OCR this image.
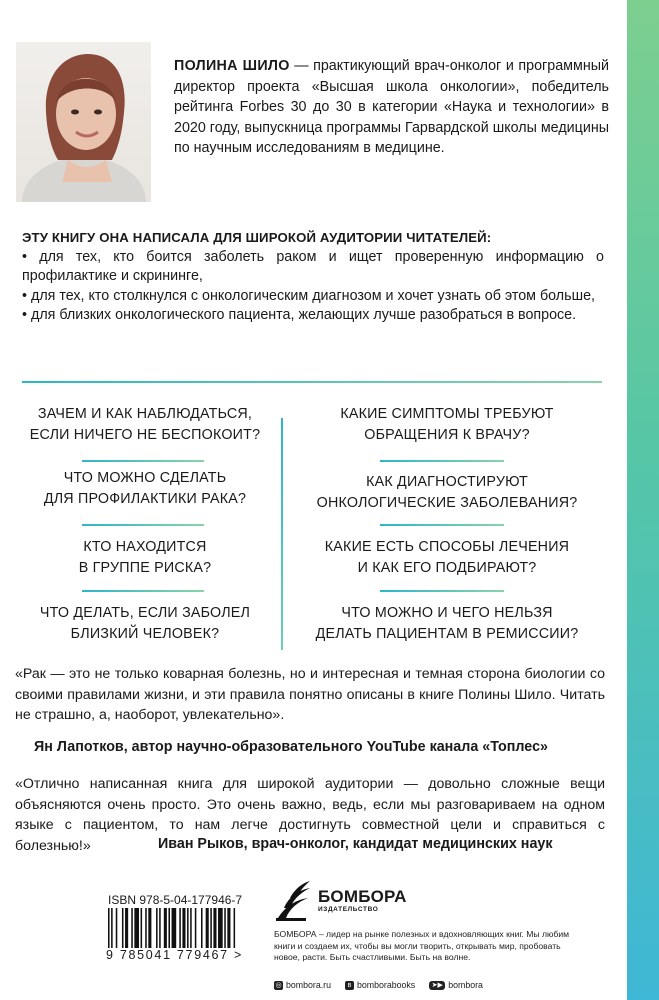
ПОЛИНА ШИЛО — практикующий врач-онколог и программный директор проекта «Высшая школа онкологии», победитель рейтинга Forbes 30 до 30 в категории «Наука и технологии» в 2020 году, выпускница программы Гарвардской школы медицины по научным исследованиям в медицине.
ЭТУ КНИГУ ОНА НАПИСАЛА ДЛЯ ШИРОКОЙ АУДИТОРИИ ЧИТАТЕЛЕЙ:
• для тех, кто боится заболеть раком и ищет проверенную информацию о профилактике и скрининге,
• для тех, кто столкнулся с онкологическим диагнозом и хочет узнать об этом больше,
• для близких онкологического пациента, желающих лучше разобраться в вопросе.
ЗАЧЕМ И КАК НАБЛЮДАТЬСЯ,
ЕСЛИ НИЧЕГО НЕ БЕСПОКОИТ?
ЧТО МОЖНО СДЕЛАТЬ
ДЛЯ ПРОФИЛАКТИКИ РАКА?
КТО НАХОДИТСЯ
В ГРУППЕ РИСКА?
ЧТО ДЕЛАТЬ, ЕСЛИ ЗАБОЛЕЛ
БЛИЗКИЙ ЧЕЛОВЕК?
КАКИЕ СИМПТОМЫ ТРЕБУЮТ
ОБРАЩЕНИЯ К ВРАЧУ?
КАК ДИАГНОСТИРУЮТ
ОНКОЛОГИЧЕСКИЕ ЗАБОЛЕВАНИЯ?
КАКИЕ ЕСТЬ СПОСОБЫ ЛЕЧЕНИЯ
И КАК ЕГО ПОДБИРАЮТ?
ЧТО МОЖНО И ЧЕГО НЕЛЬЗЯ
ДЕЛАТЬ ПАЦИЕНТАМ В РЕМИССИИ?
«Рак — это не только коварная болезнь, но и интересная и темная сторона биологии со своими правилами жизни, и эти правила понятно описаны в книге Полины Шило. Читать не страшно, а, наоборот, увлекательно».
Ян Лапотков, автор научно-образовательного YouTube канала «Топлес»
«Отлично написанная книга для широкой аудитории — довольно сложные вещи объясняются очень просто. Это очень важно, ведь, если мы разговариваем на одном языке с пациентом, то нам легче достигнуть совместной цели и справиться с болезнью!»	Иван Рыков, врач-онколог, кандидат медицинских наук
ISBN 978-5-04-177946-7
9 785041 779467 >
БОМБОРА
ИЗДАТЕЛЬСТВО
БОМБОРА – лидер на рынке полезных и вдохновляющих книг. Мы любим книги и создаем их, чтобы вы могли творить, открывать мир, пробовать новое, расти. Быть счастливыми. Быть на волне.
◎ bombora.ru	в bomborabooks	➤▶ bombora
